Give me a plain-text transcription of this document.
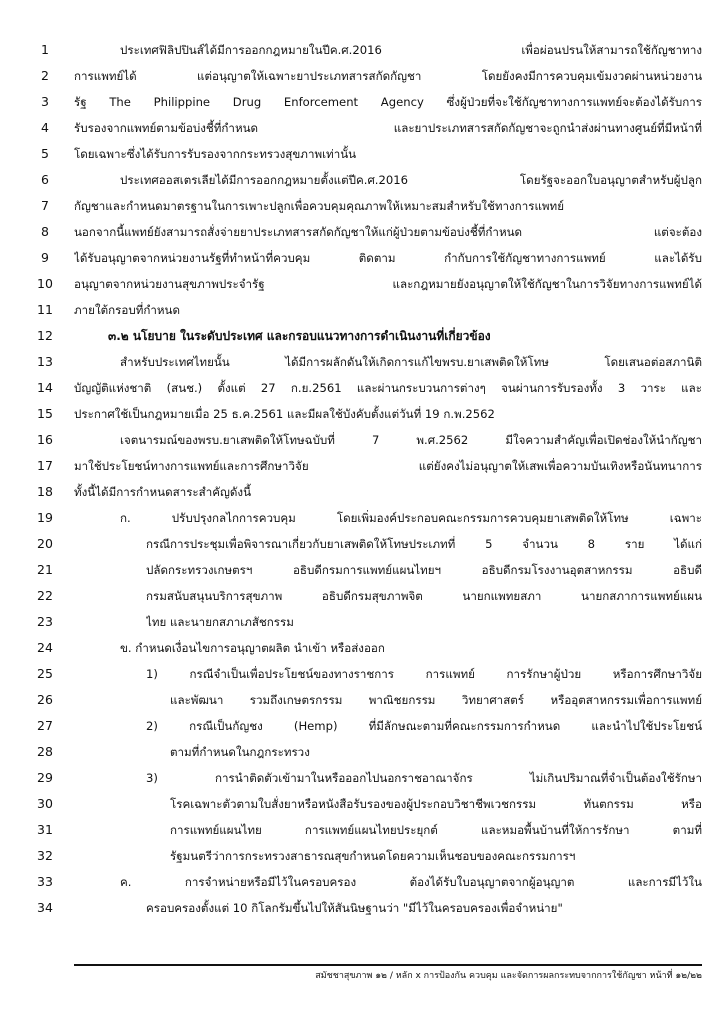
1	ประเทศฟิลิปปินส์ได้มีการออกกฎหมายในปีค.ศ.2016 เพื่อผ่อนปรนให้สามารถใช้กัญชาทาง
2	การแพทย์ได้ แต่อนุญาตให้เฉพาะยาประเภทสารสกัดกัญชา โดยยังคงมีการควบคุมเข้มงวดผ่านหน่วยงาน
3	รัฐ The Philippine Drug Enforcement Agency ซึ่งผู้ป่วยที่จะใช้กัญชาทางการแพทย์จะต้องได้รับการ
4	รับรองจากแพทย์ตามข้อบ่งชี้ที่กำหนด และยาประเภทสารสกัดกัญชาจะถูกนำส่งผ่านทางศูนย์ที่มีหน้าที่
5	โดยเฉพาะซึ่งได้รับการรับรองจากกระทรวงสุขภาพเท่านั้น
6	ประเทศออสเตรเลียได้มีการออกกฎหมายตั้งแต่ปีค.ศ.2016 โดยรัฐจะออกใบอนุญาตสำหรับผู้ปลูก
7	กัญชาและกำหนดมาตรฐานในการเพาะปลูกเพื่อควบคุมคุณภาพให้เหมาะสมสำหรับใช้ทางการแพทย์
8	นอกจากนี้แพทย์ยังสามารถสั่งจ่ายยาประเภทสารสกัดกัญชาให้แก่ผู้ป่วยตามข้อบ่งชี้ที่กำหนด แต่จะต้อง
9	ได้รับอนุญาตจากหน่วยงานรัฐที่ทำหน้าที่ควบคุม ติดตาม กำกับการใช้กัญชาทางการแพทย์ และได้รับ
10	อนุญาตจากหน่วยงานสุขภาพประจำรัฐ และกฎหมายยังอนุญาตให้ใช้กัญชาในการวิจัยทางการแพทย์ได้
11	ภายใต้กรอบที่กำหนด
12	๓.๒ นโยบาย ในระดับประเทศ และกรอบแนวทางการดำเนินงานที่เกี่ยวข้อง
13	สำหรับประเทศไทยนั้น ได้มีการผลักดันให้เกิดการแก้ไขพรบ.ยาเสพติดให้โทษ โดยเสนอต่อสภานิติ
14	บัญญัติแห่งชาติ (สนช.) ตั้งแต่ 27 ก.ย.2561 และผ่านกระบวนการต่างๆ จนผ่านการรับรองทั้ง 3 วาระ และ
15	ประกาศใช้เป็นกฎหมายเมื่อ 25 ธ.ค.2561 และมีผลใช้บังคับตั้งแต่วันที่ 19 ก.พ.2562
16	เจตนารมณ์ของพรบ.ยาเสพติดให้โทษฉบับที่ 7 พ.ศ.2562 มีใจความสำคัญเพื่อเปิดช่องให้นำกัญชา
17	มาใช้ประโยชน์ทางการแพทย์และการศึกษาวิจัย แต่ยังคงไม่อนุญาตให้เสพเพื่อความบันเทิงหรือนันทนาการ
18	ทั้งนี้ได้มีการกำหนดสาระสำคัญดังนี้
19	ก. ปรับปรุงกลไกการควบคุม โดยเพิ่มองค์ประกอบคณะกรรมการควบคุมยาเสพติดให้โทษ เฉพาะ
20	กรณีการประชุมเพื่อพิจารณาเกี่ยวกับยาเสพติดให้โทษประเภทที่ 5 จำนวน 8 ราย ได้แก่
21	ปลัดกระทรวงเกษตรฯ อธิบดีกรมการแพทย์แผนไทยฯ อธิบดีกรมโรงงานอุตสาหกรรม อธิบดี
22	กรมสนับสนุนบริการสุขภาพ อธิบดีกรมสุขภาพจิต นายกแพทยสภา นายกสภาการแพทย์แผน
23	ไทย และนายกสภาเภสัชกรรม
24	ข. กำหนดเงื่อนไขการอนุญาตผลิต นำเข้า หรือส่งออก
25	1) กรณีจำเป็นเพื่อประโยชน์ของทางราชการ การแพทย์ การรักษาผู้ป่วย หรือการศึกษาวิจัย
26	และพัฒนา รวมถึงเกษตรกรรม พาณิชยกรรม วิทยาศาสตร์ หรืออุตสาหกรรมเพื่อการแพทย์
27	2) กรณีเป็นกัญชง (Hemp) ที่มีลักษณะตามที่คณะกรรมการกำหนด และนำไปใช้ประโยชน์
28	ตามที่กำหนดในกฎกระทรวง
29	3) การนำติดตัวเข้ามาในหรือออกไปนอกราชอาณาจักร ไม่เกินปริมาณที่จำเป็นต้องใช้รักษา
30	โรคเฉพาะตัวตามใบสั่งยาหรือหนังสือรับรองของผู้ประกอบวิชาชีพเวชกรรม ทันตกรรม หรือ
31	การแพทย์แผนไทย การแพทย์แผนไทยประยุกต์ และหมอพื้นบ้านที่ให้การรักษา ตามที่
32	รัฐมนตรีว่าการกระทรวงสาธารณสุขกำหนดโดยความเห็นชอบของคณะกรรมการฯ
33	ค. การจำหน่ายหรือมีไว้ในครอบครอง ต้องได้รับใบอนุญาตจากผู้อนุญาต และการมีไว้ใน
34	ครอบครองตั้งแต่ 10 กิโลกรัมขึ้นไปให้สันนิษฐานว่า "มีไว้ในครอบครองเพื่อจำหน่าย"
สมัชชาสุขภาพ ๑๒ / หลัก x การป้องกัน ควบคุม และจัดการผลกระทบจากการใช้กัญชา หน้าที่ ๑๒/๒๒
